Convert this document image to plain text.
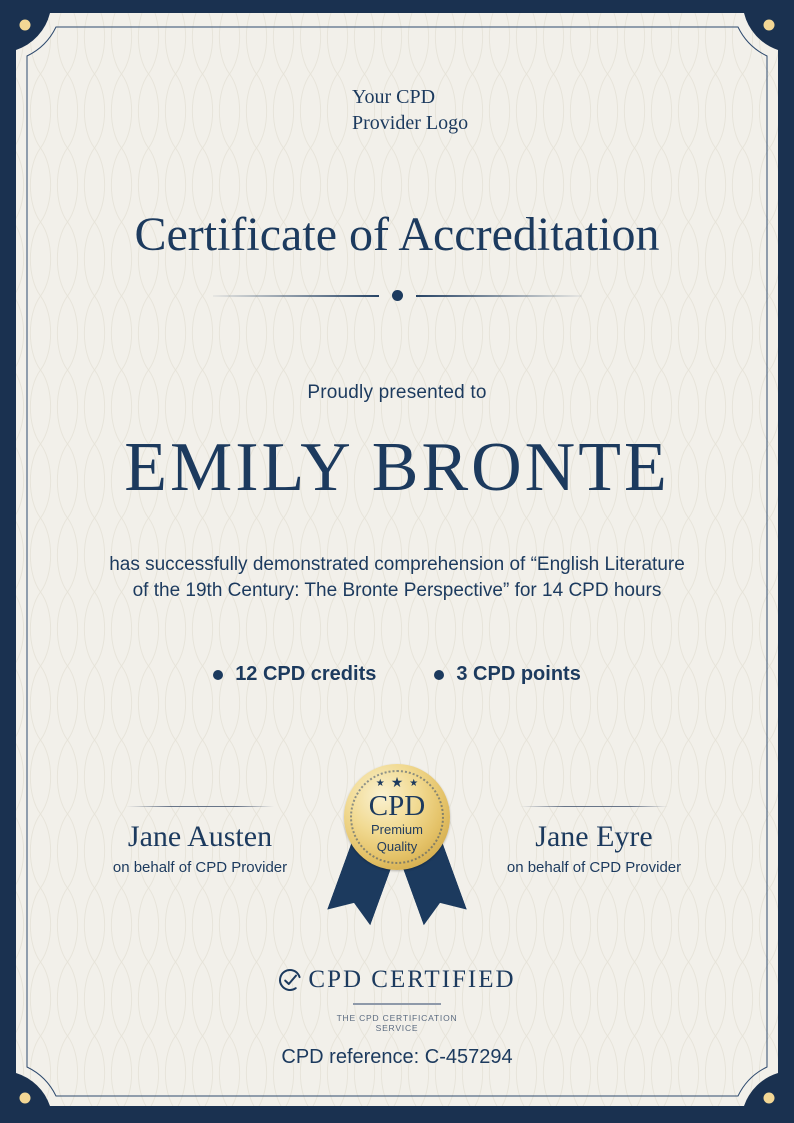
Your CPD
Provider Logo
Certificate of Accreditation
Proudly presented to
EMILY BRONTE
has successfully demonstrated comprehension of “English Literature
of the 19th Century: The Bronte Perspective” for 14 CPD hours
12 CPD credits	3 CPD points
★ ★ ★
CPD
Premium
Quality
Jane Austen
on behalf of CPD Provider
Jane Eyre
on behalf of CPD Provider
CPD CERTIFIED
THE CPD CERTIFICATION
SERVICE
CPD reference: C-457294
